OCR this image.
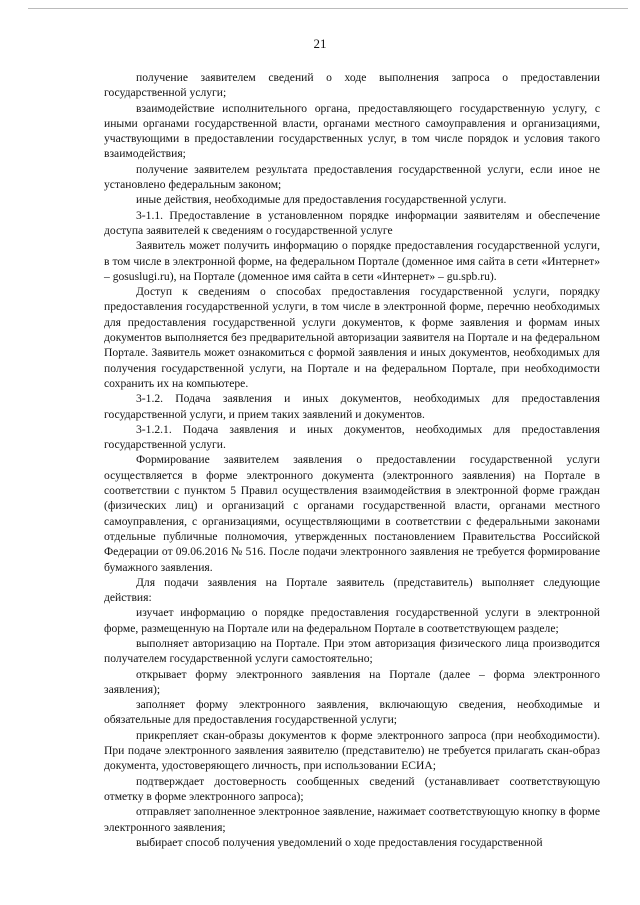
21

получение заявителем сведений о ходе выполнения запроса о предоставлении государственной услуги;

взаимодействие исполнительного органа, предоставляющего государственную услугу, с иными органами государственной власти, органами местного самоуправления и организациями, участвующими в предоставлении государственных услуг, в том числе порядок и условия такого взаимодействия;

получение заявителем результата предоставления государственной услуги, если иное не установлено федеральным законом;

иные действия, необходимые для предоставления государственной услуги.

3-1.1. Предоставление в установленном порядке информации заявителям и обеспечение доступа заявителей к сведениям о государственной услуге

Заявитель может получить информацию о порядке предоставления государственной услуги, в том числе в электронной форме, на федеральном Портале (доменное имя сайта в сети «Интернет» – gosuslugi.ru), на Портале (доменное имя сайта в сети «Интернет» – gu.spb.ru).

Доступ к сведениям о способах предоставления государственной услуги, порядку предоставления государственной услуги, в том числе в электронной форме, перечню необходимых для предоставления государственной услуги документов, к форме заявления и формам иных документов выполняется без предварительной авторизации заявителя на Портале и на федеральном Портале. Заявитель может ознакомиться с формой заявления и иных документов, необходимых для получения государственной услуги, на Портале и на федеральном Портале, при необходимости сохранить их на компьютере.

3-1.2. Подача заявления и иных документов, необходимых для предоставления государственной услуги, и прием таких заявлений и документов.

3-1.2.1. Подача заявления и иных документов, необходимых для предоставления государственной услуги.

Формирование заявителем заявления о предоставлении государственной услуги осуществляется в форме электронного документа (электронного заявления) на Портале в соответствии с пунктом 5 Правил осуществления взаимодействия в электронной форме граждан (физических лиц) и организаций с органами государственной власти, органами местного самоуправления, с организациями, осуществляющими в соответствии с федеральными законами отдельные публичные полномочия, утвержденных постановлением Правительства Российской Федерации от 09.06.2016 № 516. После подачи электронного заявления не требуется формирование бумажного заявления.

Для подачи заявления на Портале заявитель (представитель) выполняет следующие действия:

изучает информацию о порядке предоставления государственной услуги в электронной форме, размещенную на Портале или на федеральном Портале в соответствующем разделе;

выполняет авторизацию на Портале. При этом авторизация физического лица производится получателем государственной услуги самостоятельно;

открывает форму электронного заявления на Портале (далее – форма электронного заявления);

заполняет форму электронного заявления, включающую сведения, необходимые и обязательные для предоставления государственной услуги;

прикрепляет скан-образы документов к форме электронного запроса (при необходимости). При подаче электронного заявления заявителю (представителю) не требуется прилагать скан-образ документа, удостоверяющего личность, при использовании ЕСИА;

подтверждает достоверность сообщенных сведений (устанавливает соответствующую отметку в форме электронного запроса);

отправляет заполненное электронное заявление, нажимает соответствующую кнопку в форме электронного заявления;

выбирает способ получения уведомлений о ходе предоставления государственной
